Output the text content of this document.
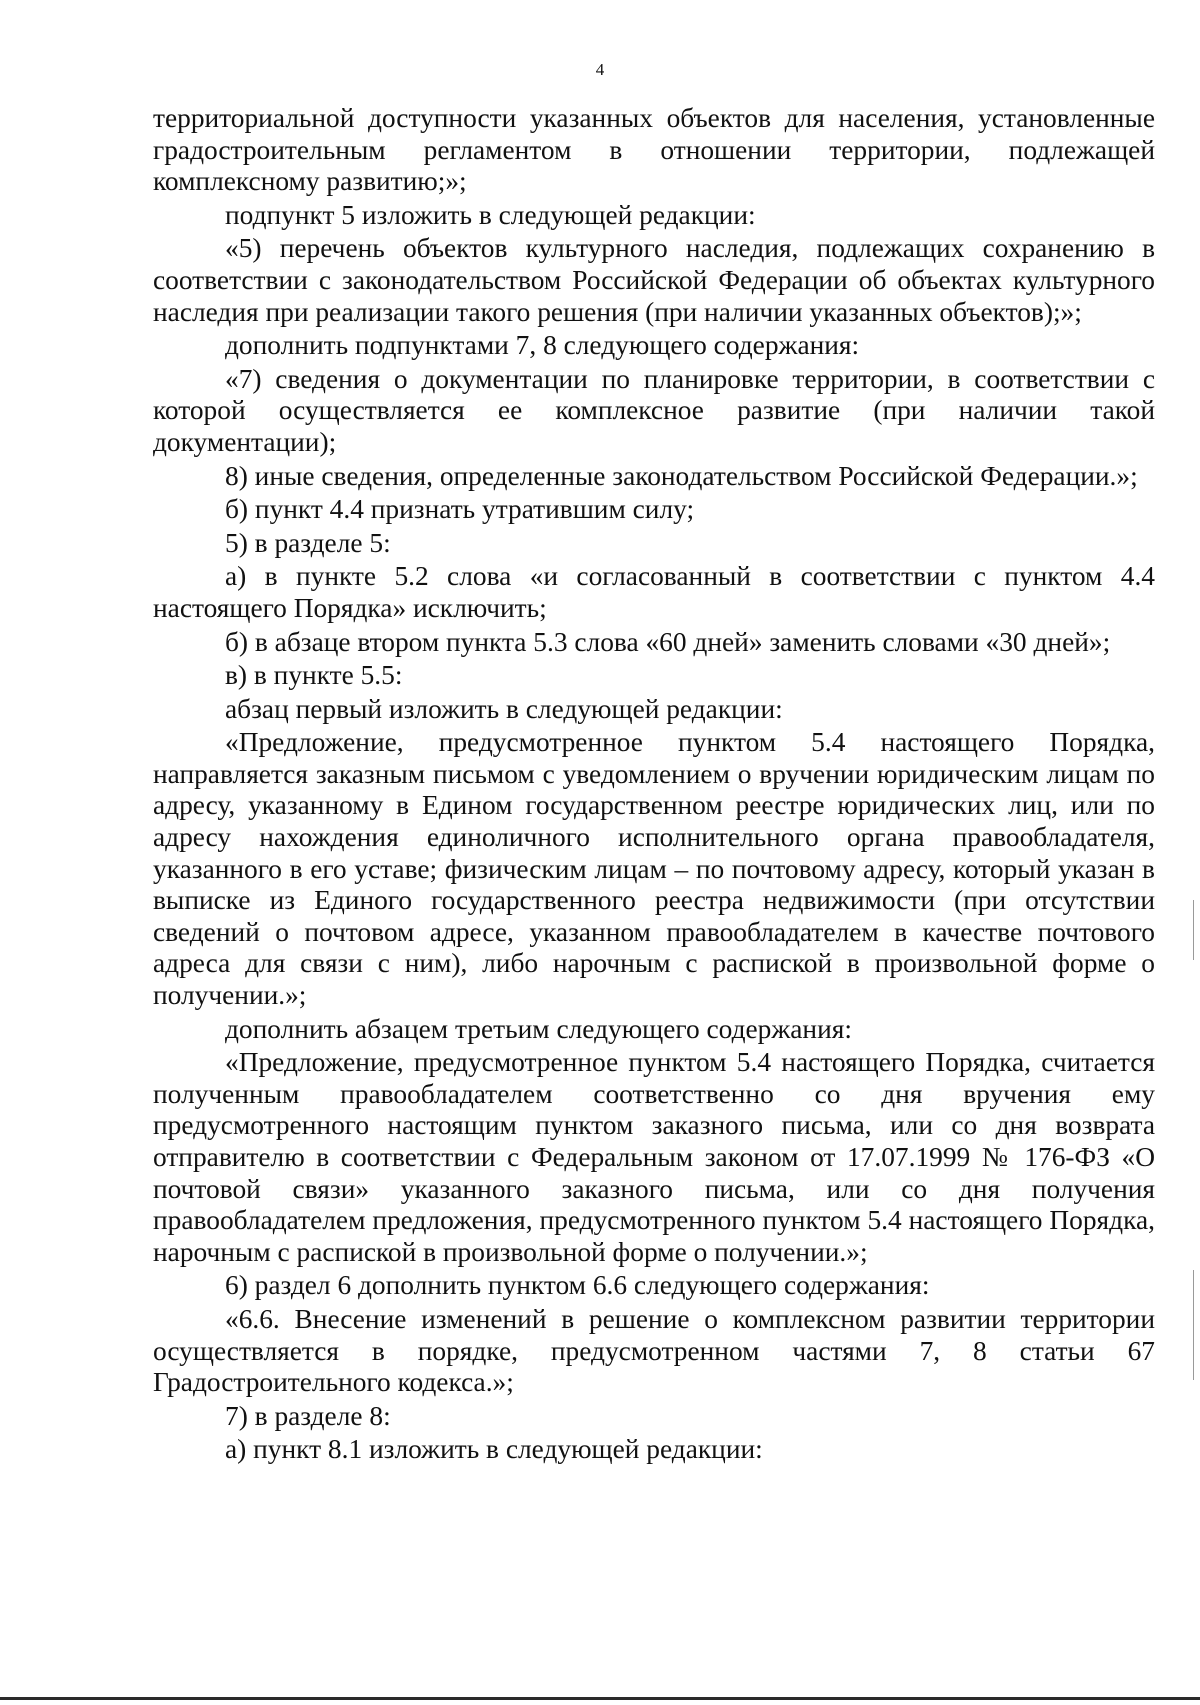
4

территориальной доступности указанных объектов для населения, установленные градостроительным регламентом в отношении территории, подлежащей комплексному развитию;»;

подпункт 5 изложить в следующей редакции:

«5) перечень объектов культурного наследия, подлежащих сохранению в соответствии с законодательством Российской Федерации об объектах культурного наследия при реализации такого решения (при наличии указанных объектов);»;

дополнить подпунктами 7, 8 следующего содержания:

«7) сведения о документации по планировке территории, в соответствии с которой осуществляется ее комплексное развитие (при наличии такой документации);

8) иные сведения, определенные законодательством Российской Федерации.»;

б) пункт 4.4 признать утратившим силу;

5) в разделе 5:

а) в пункте 5.2 слова «и согласованный в соответствии с пунктом 4.4 настоящего Порядка» исключить;

б) в абзаце втором пункта 5.3 слова «60 дней» заменить словами «30 дней»;

в) в пункте 5.5:

абзац первый изложить в следующей редакции:

«Предложение, предусмотренное пунктом 5.4 настоящего Порядка, направляется заказным письмом с уведомлением о вручении юридическим лицам по адресу, указанному в Едином государственном реестре юридических лиц, или по адресу нахождения единоличного исполнительного органа правообладателя, указанного в его уставе; физическим лицам – по почтовому адресу, который указан в выписке из Единого государственного реестра недвижимости (при отсутствии сведений о почтовом адресе, указанном правообладателем в качестве почтового адреса для связи с ним), либо нарочным с распиской в произвольной форме о получении.»;

дополнить абзацем третьим следующего содержания:

«Предложение, предусмотренное пунктом 5.4 настоящего Порядка, считается полученным правообладателем соответственно со дня вручения ему предусмотренного настоящим пунктом заказного письма, или со дня возврата отправителю в соответствии с Федеральным законом от 17.07.1999 № 176-ФЗ «О почтовой связи» указанного заказного письма, или со дня получения правообладателем предложения, предусмотренного пунктом 5.4 настоящего Порядка, нарочным с распиской в произвольной форме о получении.»;

6) раздел 6 дополнить пунктом 6.6 следующего содержания:

«6.6. Внесение изменений в решение о комплексном развитии территории осуществляется в порядке, предусмотренном частями 7, 8 статьи 67 Градостроительного кодекса.»;

7) в разделе 8:

а) пункт 8.1 изложить в следующей редакции:
